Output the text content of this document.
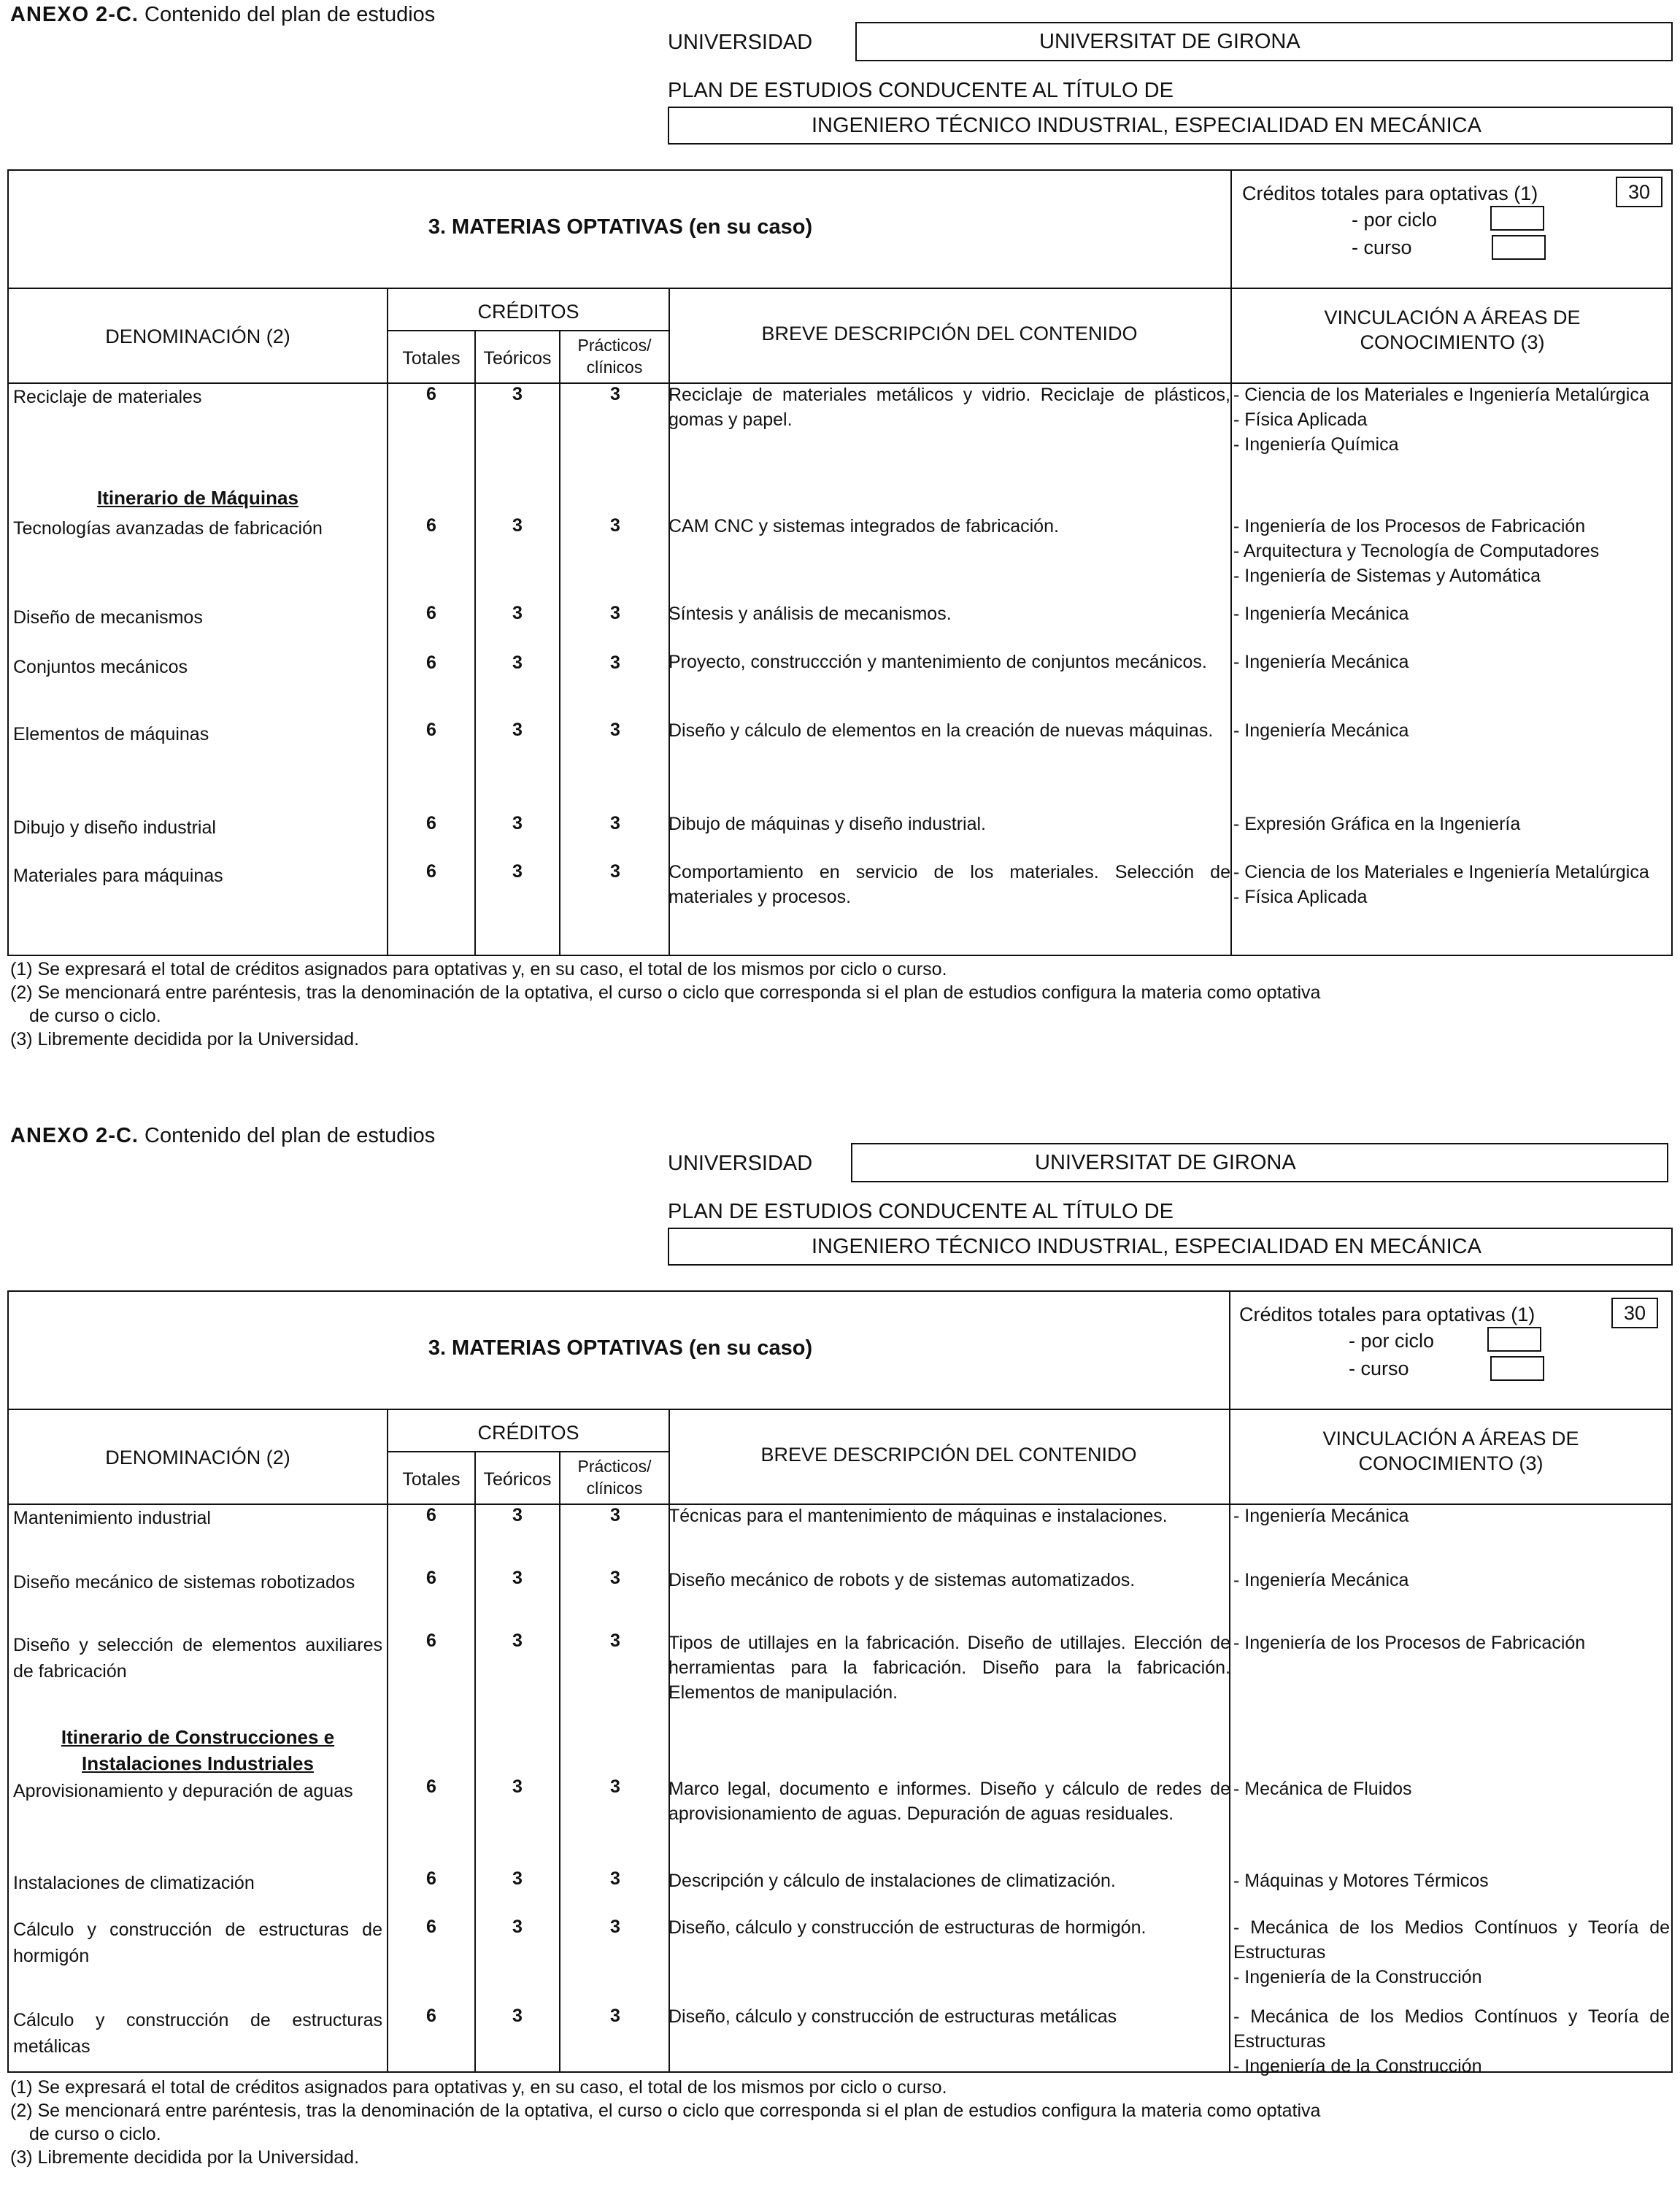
ANEXO 2-C. Contenido del plan de estudios
UNIVERSIDAD	UNIVERSITAT DE GIRONA
PLAN DE ESTUDIOS CONDUCENTE AL TÍTULO DE
INGENIERO TÉCNICO INDUSTRIAL, ESPECIALIDAD EN MECÁNICA
3. MATERIAS OPTATIVAS (en su caso)
Créditos totales para optativas (1)	30
- por ciclo
- curso
DENOMINACIÓN (2)
CRÉDITOS
Totales	Teóricos
Prácticos/ clínicos
BREVE DESCRIPCIÓN DEL CONTENIDO
VINCULACIÓN A ÁREAS DE
CONOCIMIENTO (3)
Reciclaje de materiales	6	3	3	Reciclaje de materiales metálicos y vidrio. Reciclaje de plásticos, gomas y papel.
- Ciencia de los Materiales e Ingeniería Metalúrgica
- Física Aplicada
- Ingeniería Química
Itinerario de Máquinas
Tecnologías avanzadas de fabricación	6	3	3	CAM CNC y sistemas integrados de fabricación.	- Ingeniería de los Procesos de Fabricación
- Arquitectura y Tecnología de Computadores
- Ingeniería de Sistemas y Automática
Diseño de mecanismos	6	3	3	Síntesis y análisis de mecanismos.	- Ingeniería Mecánica
Conjuntos mecánicos	6	3	3	Proyecto, construccción y mantenimiento de conjuntos mecánicos.	- Ingeniería Mecánica
Elementos de máquinas	6	3	3	Diseño y cálculo de elementos en la creación de nuevas máquinas.	- Ingeniería Mecánica
Dibujo y diseño industrial	6	3	3	Dibujo de máquinas y diseño industrial.	- Expresión Gráfica en la Ingeniería
Materiales para máquinas	6	3	3	Comportamiento en servicio de los materiales. Selección de materiales y procesos.
- Ciencia de los Materiales e Ingeniería Metalúrgica
- Física Aplicada
(1) Se expresará el total de créditos asignados para optativas y, en su caso, el total de los mismos por ciclo o curso.
(2) Se mencionará entre paréntesis, tras la denominación de la optativa, el curso o ciclo que corresponda si el plan de estudios configura la materia como optativa
de curso o ciclo.
(3) Libremente decidida por la Universidad.
ANEXO 2-C. Contenido del plan de estudios
UNIVERSIDAD	UNIVERSITAT DE GIRONA
PLAN DE ESTUDIOS CONDUCENTE AL TÍTULO DE
INGENIERO TÉCNICO INDUSTRIAL, ESPECIALIDAD EN MECÁNICA
3. MATERIAS OPTATIVAS (en su caso)
Créditos totales para optativas (1)	30
- por ciclo
- curso
DENOMINACIÓN (2)
CRÉDITOS
Totales	Teóricos
Prácticos/ clínicos
BREVE DESCRIPCIÓN DEL CONTENIDO
VINCULACIÓN A ÁREAS DE
CONOCIMIENTO (3)
Mantenimiento industrial	6	3	3	Técnicas para el mantenimiento de máquinas e instalaciones.	- Ingeniería Mecánica
Diseño mecánico de sistemas robotizados	6	3	3	Diseño mecánico de robots y de sistemas automatizados.	- Ingeniería Mecánica
Diseño y selección de elementos auxiliares de fabricación
6	3	3	Tipos de utillajes en la fabricación. Diseño de utillajes. Elección de herramientas para la fabricación. Diseño para la fabricación. Elementos de manipulación.
- Ingeniería de los Procesos de Fabricación
Itinerario de Construcciones e
Instalaciones Industriales
Aprovisionamiento y depuración de aguas	6	3	3	Marco legal, documento e informes. Diseño y cálculo de redes de aprovisionamiento de aguas. Depuración de aguas residuales.
- Mecánica de Fluidos
Instalaciones de climatización	6	3	3	Descripción y cálculo de instalaciones de climatización.	- Máquinas y Motores Térmicos
Cálculo y construcción de estructuras de hormigón
6	3	3	Diseño, cálculo y construcción de estructuras de hormigón.	- Mecánica de los Medios Contínuos y Teoría de Estructuras
- Ingeniería de la Construcción
Cálculo y construcción de estructuras metálicas
6	3	3	Diseño, cálculo y construcción de estructuras metálicas	- Mecánica de los Medios Contínuos y Teoría de Estructuras
- Ingeniería de la Construcción
(1) Se expresará el total de créditos asignados para optativas y, en su caso, el total de los mismos por ciclo o curso.
(2) Se mencionará entre paréntesis, tras la denominación de la optativa, el curso o ciclo que corresponda si el plan de estudios configura la materia como optativa
de curso o ciclo.
(3) Libremente decidida por la Universidad.
